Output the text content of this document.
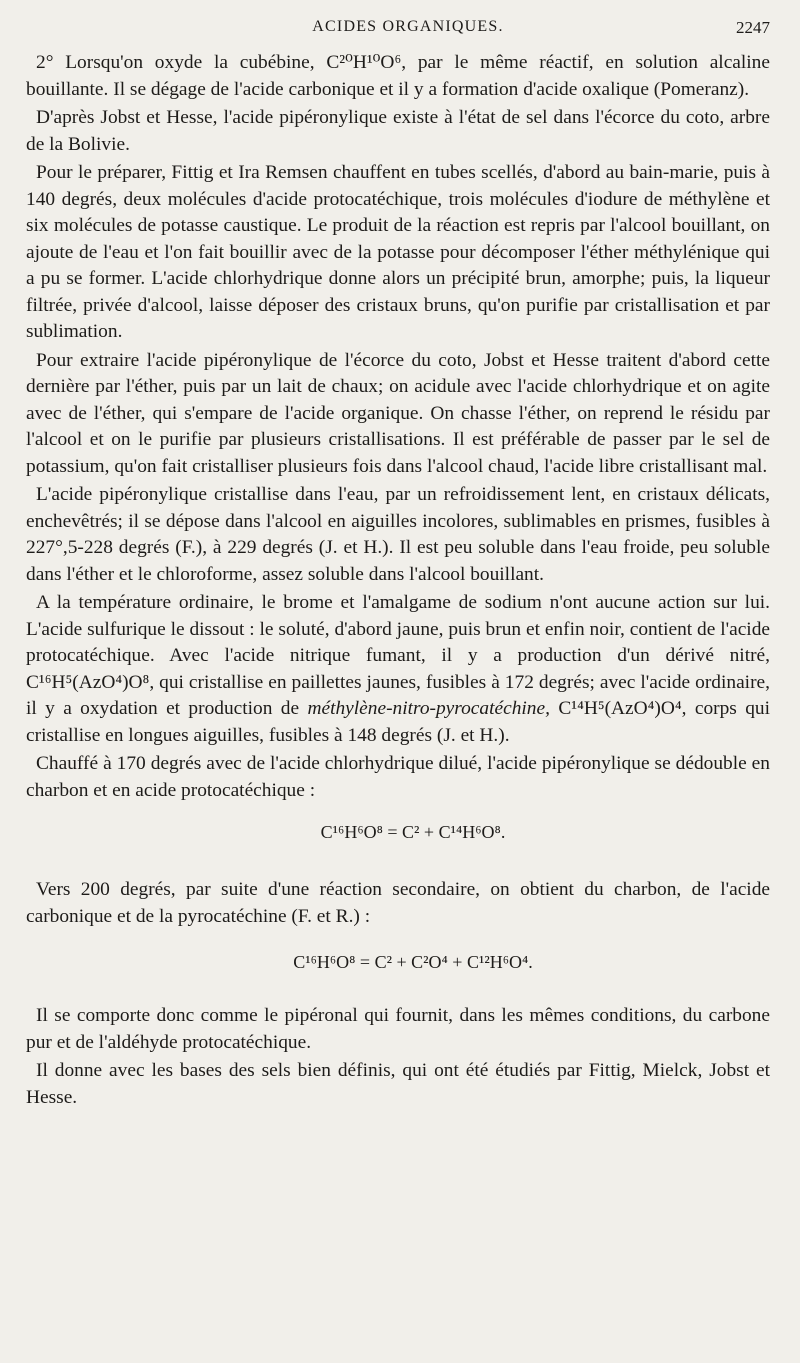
ACIDES ORGANIQUES.	2247

2° Lorsqu'on oxyde la cubébine, C²⁰H¹⁰O⁶, par le même réactif, en solution alcaline bouillante. Il se dégage de l'acide carbonique et il y a formation d'acide oxalique (Pomeranz).

D'après Jobst et Hesse, l'acide pipéronylique existe à l'état de sel dans l'écorce du coto, arbre de la Bolivie.

Pour le préparer, Fittig et Ira Remsen chauffent en tubes scellés, d'abord au bain-marie, puis à 140 degrés, deux molécules d'acide protocatéchique, trois molécules d'iodure de méthylène et six molécules de potasse caustique. Le produit de la réaction est repris par l'alcool bouillant, on ajoute de l'eau et l'on fait bouillir avec de la potasse pour décomposer l'éther méthylénique qui a pu se former. L'acide chlorhydrique donne alors un précipité brun, amorphe; puis, la liqueur filtrée, privée d'alcool, laisse déposer des cristaux bruns, qu'on purifie par cristallisation et par sublimation.

Pour extraire l'acide pipéronylique de l'écorce du coto, Jobst et Hesse traitent d'abord cette dernière par l'éther, puis par un lait de chaux; on acidule avec l'acide chlorhydrique et on agite avec de l'éther, qui s'empare de l'acide organique. On chasse l'éther, on reprend le résidu par l'alcool et on le purifie par plusieurs cristallisations. Il est préférable de passer par le sel de potassium, qu'on fait cristalliser plusieurs fois dans l'alcool chaud, l'acide libre cristallisant mal.

L'acide pipéronylique cristallise dans l'eau, par un refroidissement lent, en cristaux délicats, enchevêtrés; il se dépose dans l'alcool en aiguilles incolores, sublimables en prismes, fusibles à 227°,5-228 degrés (F.), à 229 degrés (J. et H.). Il est peu soluble dans l'eau froide, peu soluble dans l'éther et le chloroforme, assez soluble dans l'alcool bouillant.

A la température ordinaire, le brome et l'amalgame de sodium n'ont aucune action sur lui. L'acide sulfurique le dissout : le soluté, d'abord jaune, puis brun et enfin noir, contient de l'acide protocatéchique. Avec l'acide nitrique fumant, il y a production d'un dérivé nitré, C¹⁶H⁵(AzO⁴)O⁸, qui cristallise en paillettes jaunes, fusibles à 172 degrés; avec l'acide ordinaire, il y a oxydation et production de méthylène-nitro-pyrocatéchine, C¹⁴H⁵(AzO⁴)O⁴, corps qui cristallise en longues aiguilles, fusibles à 148 degrés (J. et H.).

Chauffé à 170 degrés avec de l'acide chlorhydrique dilué, l'acide pipéronylique se dédouble en charbon et en acide protocatéchique :

C¹⁶H⁶O⁸ = C² + C¹⁴H⁶O⁸.

Vers 200 degrés, par suite d'une réaction secondaire, on obtient du charbon, de l'acide carbonique et de la pyrocatéchine (F. et R.) :

C¹⁶H⁶O⁸ = C² + C²O⁴ + C¹²H⁶O⁴.

Il se comporte donc comme le pipéronal qui fournit, dans les mêmes conditions, du carbone pur et de l'aldéhyde protocatéchique.

Il donne avec les bases des sels bien définis, qui ont été étudiés par Fittig, Mielck, Jobst et Hesse.
